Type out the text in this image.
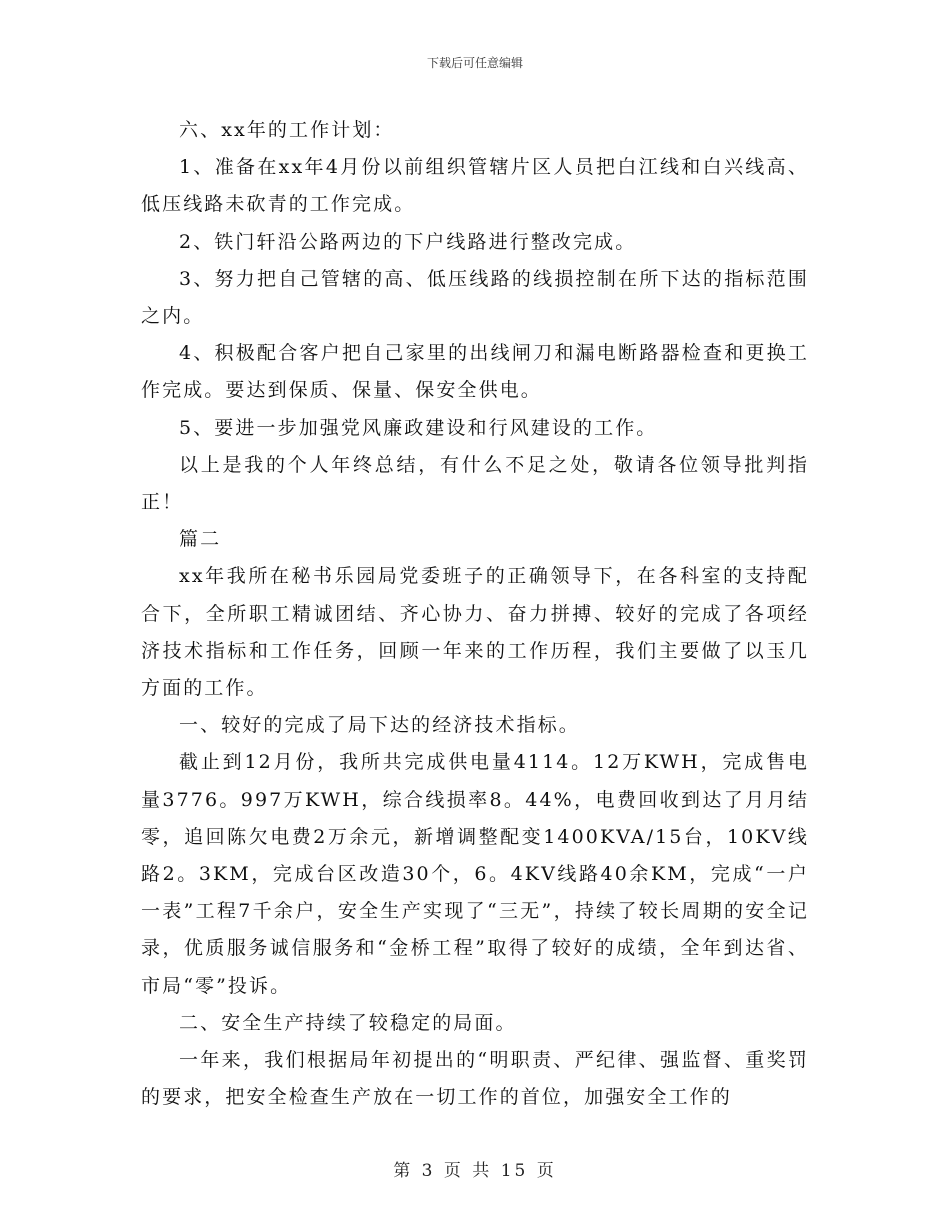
下载后可任意编辑

六、xx年的工作计划：

1、准备在xx年4月份以前组织管辖片区人员把白江线和白兴线高、低压线路未砍青的工作完成。

2、铁门轩沿公路两边的下户线路进行整改完成。

3、努力把自己管辖的高、低压线路的线损控制在所下达的指标范围之内。

4、积极配合客户把自己家里的出线闸刀和漏电断路器检查和更换工作完成。要达到保质、保量、保安全供电。

5、要进一步加强党风廉政建设和行风建设的工作。

以上是我的个人年终总结，有什么不足之处，敬请各位领导批判指正！

篇二

xx年我所在秘书乐园局党委班子的正确领导下，在各科室的支持配合下，全所职工精诚团结、齐心协力、奋力拼搏、较好的完成了各项经济技术指标和工作任务，回顾一年来的工作历程，我们主要做了以玉几方面的工作。

一、较好的完成了局下达的经济技术指标。

截止到12月份，我所共完成供电量4114。12万KWH，完成售电量3776。997万KWH，综合线损率8。44%，电费回收到达了月月结零，追回陈欠电费2万余元，新增调整配变1400KVA/15台，10KV线路2。3KM，完成台区改造30个，6。4KV线路40余KM，完成“一户一表”工程7千余户，安全生产实现了“三无”，持续了较长周期的安全记录，优质服务诚信服务和“金桥工程”取得了较好的成绩，全年到达省、市局“零”投诉。

二、安全生产持续了较稳定的局面。

一年来，我们根据局年初提出的“明职责、严纪律、强监督、重奖罚的要求，把安全检查生产放在一切工作的首位，加强安全工作的

第 3 页 共 15 页
